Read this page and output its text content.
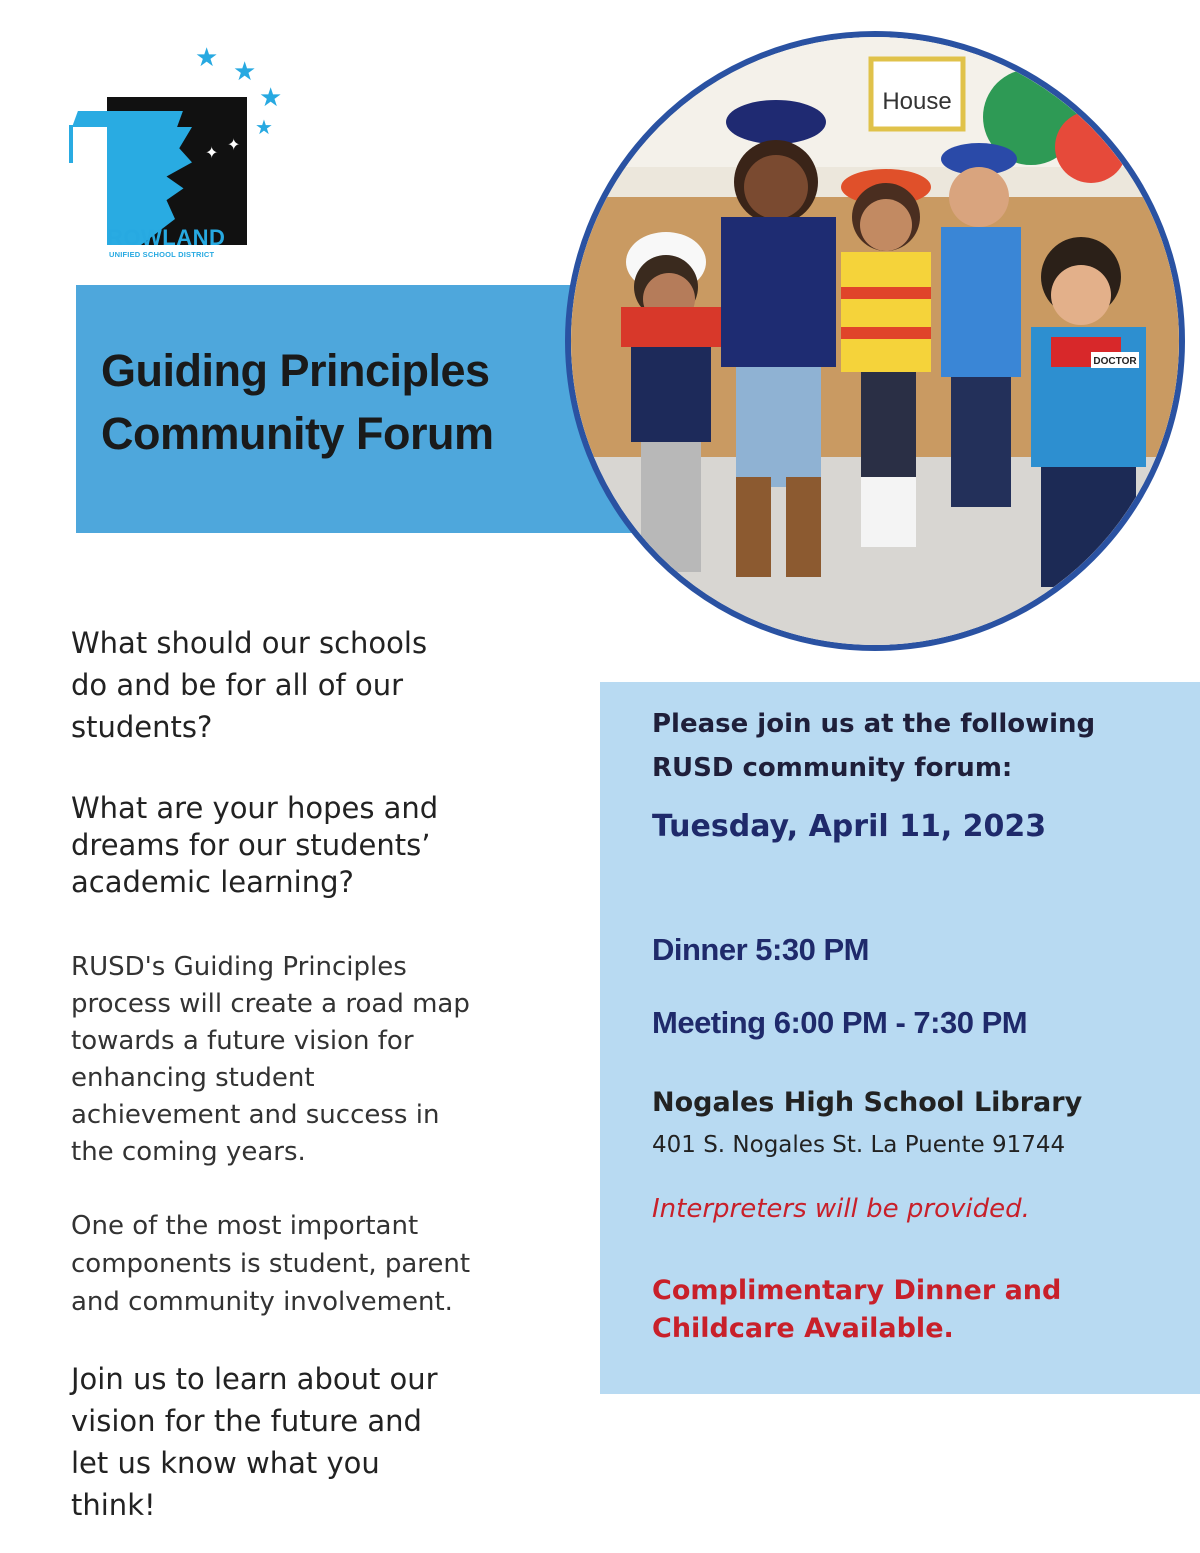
★ ★
★
★
✦ ✦
ROWLAND
UNIFIED SCHOOL DISTRICT
Guiding Principles
Community Forum
House
DOCTOR

What should our schools
do and be for all of our
students?

What are your hopes and
dreams for our students’
academic learning?

RUSD's Guiding Principles
process will create a road map
towards a future vision for
enhancing student
achievement and success in
the coming years.

One of the most important
components is student, parent
and community involvement.

Join us to learn about our
vision for the future and
let us know what you
think!

Please join us at the following
RUSD community forum:

Tuesday, April 11, 2023

Dinner 5:30 PM

Meeting 6:00 PM - 7:30 PM

Nogales High School Library

401 S. Nogales St. La Puente 91744

Interpreters will be provided.

Complimentary Dinner and
Childcare Available.
